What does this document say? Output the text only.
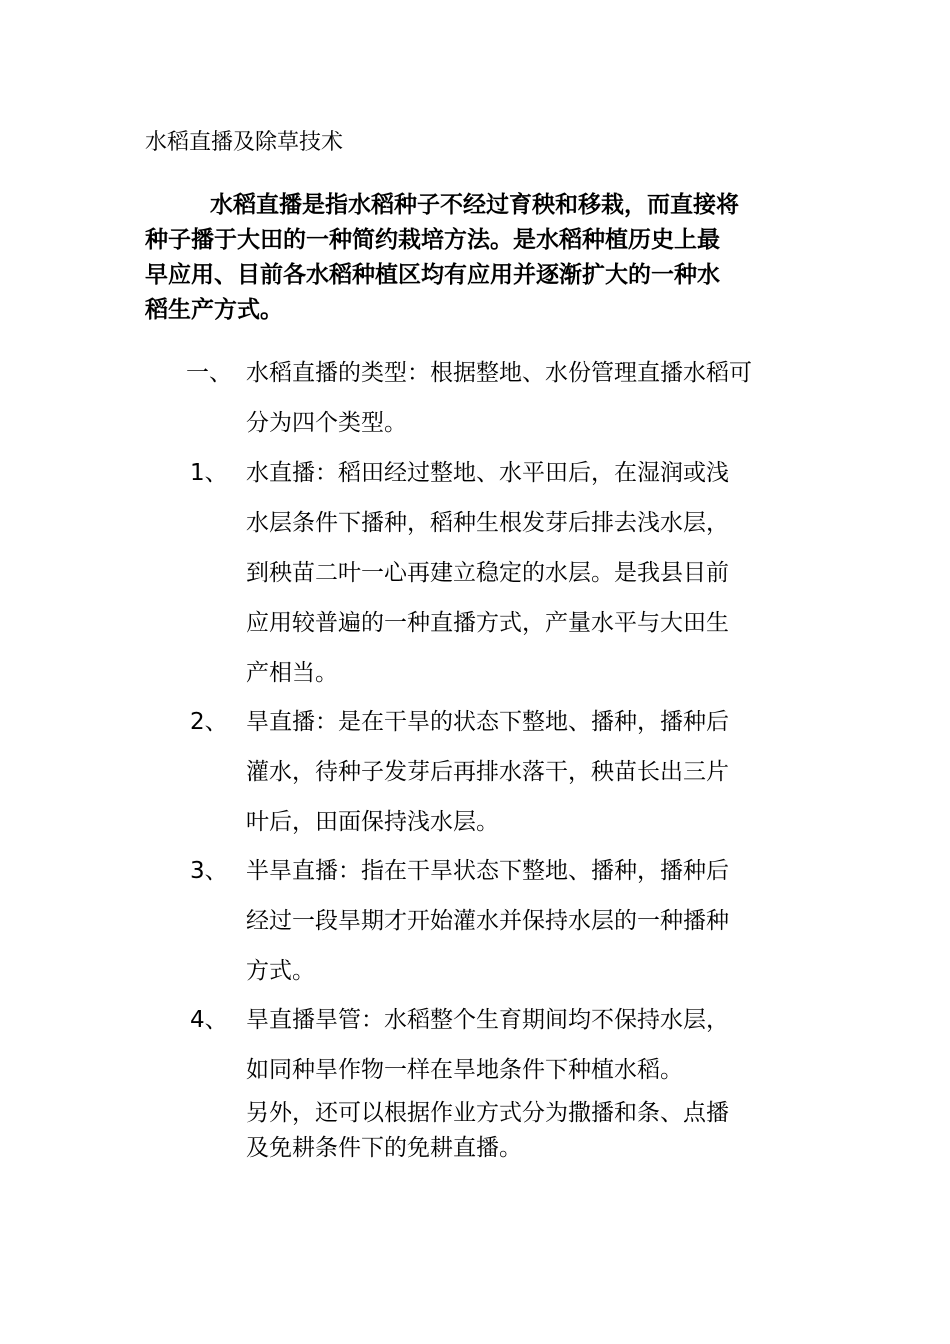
水稻直播及除草技术
水稻直播是指水稻种子不经过育秧和移栽，而直接将
种子播于大田的一种简约栽培方法。是水稻种植历史上最
早应用、目前各水稻种植区均有应用并逐渐扩大的一种水
稻生产方式。
一、 水稻直播的类型：根据整地、水份管理直播水稻可
分为四个类型。
1、 水直播：稻田经过整地、水平田后，在湿润或浅
水层条件下播种，稻种生根发芽后排去浅水层，
到秧苗二叶一心再建立稳定的水层。是我县目前
应用较普遍的一种直播方式，产量水平与大田生
产相当。
2、 旱直播：是在干旱的状态下整地、播种，播种后
灌水，待种子发芽后再排水落干，秧苗长出三片
叶后，田面保持浅水层。
3、 半旱直播：指在干旱状态下整地、播种，播种后
经过一段旱期才开始灌水并保持水层的一种播种
方式。
4、 旱直播旱管：水稻整个生育期间均不保持水层，
如同种旱作物一样在旱地条件下种植水稻。
另外，还可以根据作业方式分为撒播和条、点播
及免耕条件下的免耕直播。
